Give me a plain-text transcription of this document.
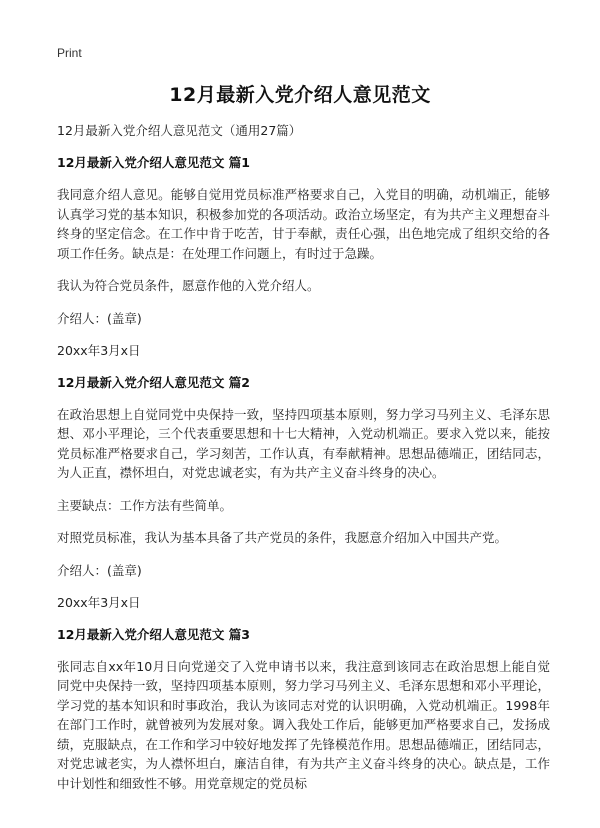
Print
12月最新入党介绍人意见范文
12月最新入党介绍人意见范文（通用27篇）
12月最新入党介绍人意见范文 篇1
我同意介绍人意见。能够自觉用党员标准严格要求自己，入党目的明确，动机端正，能够认真学习党的基本知识，积极参加党的各项活动。政治立场坚定，有为共产主义理想奋斗终身的坚定信念。在工作中肯于吃苦，甘于奉献，责任心强，出色地完成了组织交给的各项工作任务。缺点是：在处理工作问题上，有时过于急躁。
我认为符合党员条件，愿意作他的入党介绍人。
介绍人：(盖章)
20xx年3月x日
12月最新入党介绍人意见范文 篇2
在政治思想上自觉同党中央保持一致，坚持四项基本原则，努力学习马列主义、毛泽东思想、邓小平理论，三个代表重要思想和十七大精神，入党动机端正。要求入党以来，能按党员标准严格要求自己，学习刻苦，工作认真，有奉献精神。思想品德端正，团结同志，为人正直，襟怀坦白，对党忠诚老实，有为共产主义奋斗终身的决心。
主要缺点：工作方法有些简单。
对照党员标准，我认为基本具备了共产党员的条件，我愿意介绍加入中国共产党。
介绍人：(盖章)
20xx年3月x日
12月最新入党介绍人意见范文 篇3
张同志自xx年10月日向党递交了入党申请书以来，我注意到该同志在政治思想上能自觉同党中央保持一致，坚持四项基本原则，努力学习马列主义、毛泽东思想和邓小平理论，学习党的基本知识和时事政治，我认为该同志对党的认识明确，入党动机端正。1998年在部门工作时，就曾被列为发展对象。调入我处工作后，能够更加严格要求自己，发扬成绩，克服缺点，在工作和学习中较好地发挥了先锋模范作用。思想品德端正，团结同志，对党忠诚老实，为人襟怀坦白，廉洁自律，有为共产主义奋斗终身的决心。缺点是，工作中计划性和细致性不够。用党章规定的党员标
